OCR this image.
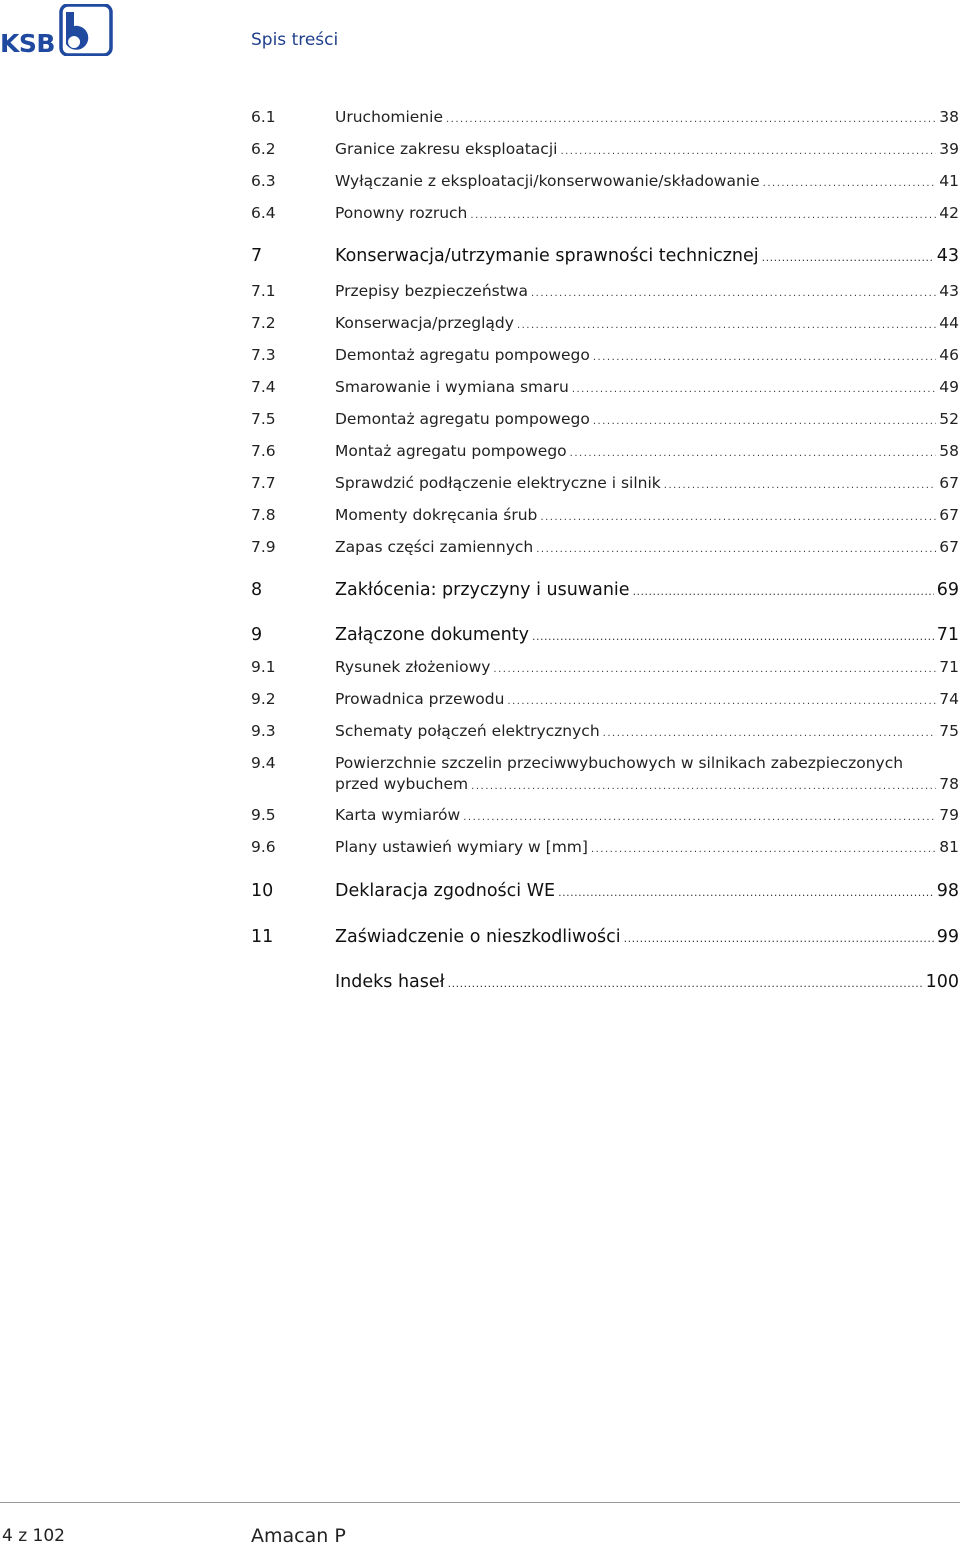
KSB	Spis treści
6.1	Uruchomienie .....	38
6.2	Granice zakresu eksploatacji .....	39
6.3	Wyłączanie z eksploatacji/konserwowanie/składowanie .....	41
6.4	Ponowny rozruch .....	42
7	Konserwacja/utrzymanie sprawności technicznej .....	43
7.1	Przepisy bezpieczeństwa .....	43
7.2	Konserwacja/przeglądy .....	44
7.3	Demontaż agregatu pompowego .....	46
7.4	Smarowanie i wymiana smaru .....	49
7.5	Demontaż agregatu pompowego .....	52
7.6	Montaż agregatu pompowego .....	58
7.7	Sprawdzić podłączenie elektryczne i silnik .....	67
7.8	Momenty dokręcania śrub .....	67
7.9	Zapas części zamiennych .....	67
8	Zakłócenia: przyczyny i usuwanie .....	69
9	Załączone dokumenty .....	71
9.1	Rysunek złożeniowy .....	71
9.2	Prowadnica przewodu .....	74
9.3	Schematy połączeń elektrycznych .....	75
9.4	Powierzchnie szczelin przeciwwybuchowych w silnikach zabezpieczonych
przed wybuchem .....	78
9.5	Karta wymiarów .....	79
9.6	Plany ustawień wymiary w [mm] .....	81
10	Deklaracja zgodności WE .....	98
11	Zaświadczenie o nieszkodliwości .....	99
Indeks haseł .....	100
4 z 102	Amacan P
